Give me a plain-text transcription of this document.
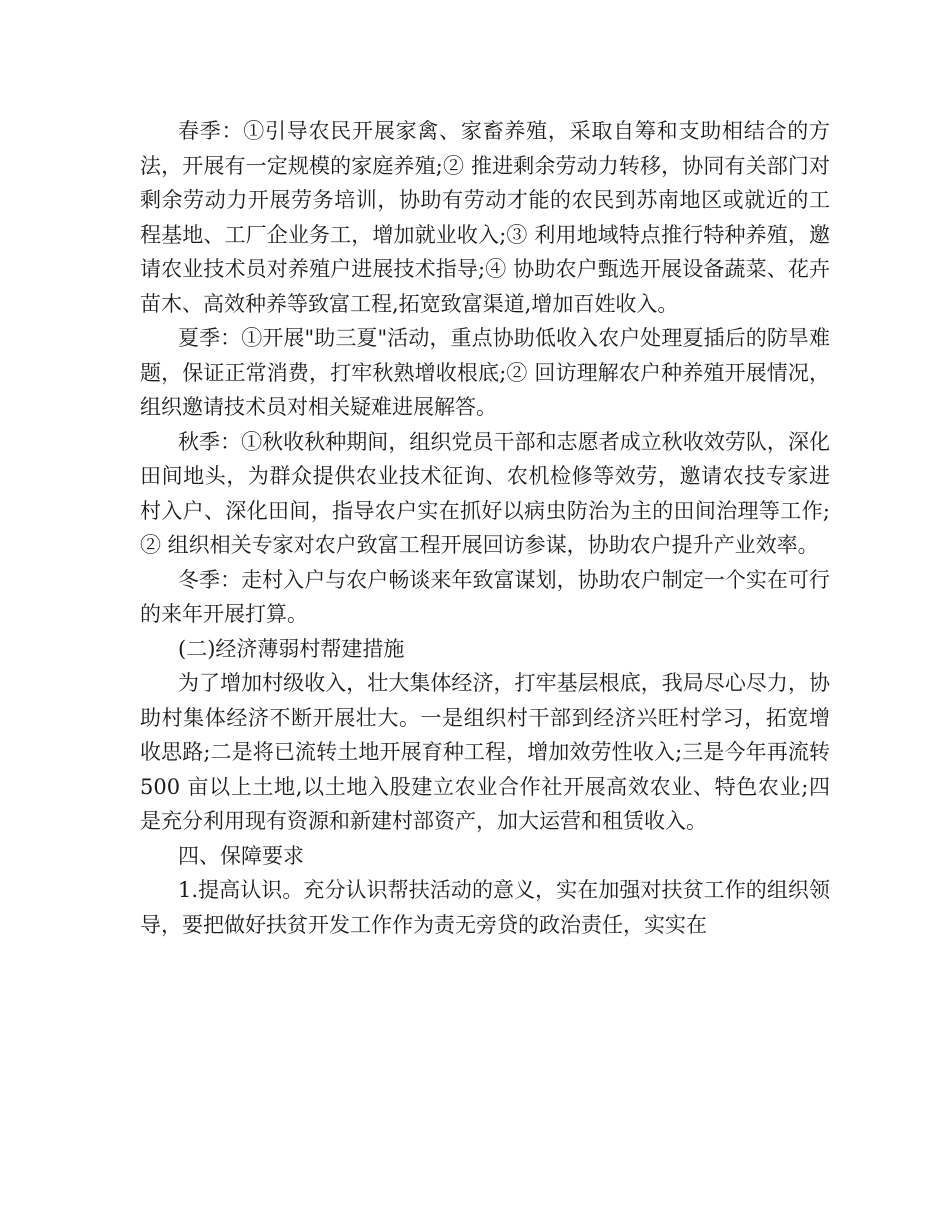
春季：①引导农民开展家禽、家畜养殖，采取自筹和支助相结合的方法，开展有一定规模的家庭养殖;② 推进剩余劳动力转移，协同有关部门对剩余劳动力开展劳务培训，协助有劳动才能的农民到苏南地区或就近的工程基地、工厂企业务工，增加就业收入;③ 利用地域特点推行特种养殖，邀请农业技术员对养殖户进展技术指导;④ 协助农户甄选开展设备蔬菜、花卉苗木、高效种养等致富工程,拓宽致富渠道,增加百姓收入。

夏季：①开展"助三夏"活动，重点协助低收入农户处理夏插后的防旱难题，保证正常消费，打牢秋熟增收根底;② 回访理解农户种养殖开展情况，组织邀请技术员对相关疑难进展解答。

秋季：①秋收秋种期间，组织党员干部和志愿者成立秋收效劳队，深化田间地头，为群众提供农业技术征询、农机检修等效劳，邀请农技专家进村入户、深化田间，指导农户实在抓好以病虫防治为主的田间治理等工作;② 组织相关专家对农户致富工程开展回访参谋，协助农户提升产业效率。

冬季：走村入户与农户畅谈来年致富谋划，协助农户制定一个实在可行的来年开展打算。

(二)经济薄弱村帮建措施

为了增加村级收入，壮大集体经济，打牢基层根底，我局尽心尽力，协助村集体经济不断开展壮大。一是组织村干部到经济兴旺村学习，拓宽增收思路;二是将已流转土地开展育种工程，增加效劳性收入;三是今年再流转 500 亩以上土地,以土地入股建立农业合作社开展高效农业、特色农业;四是充分利用现有资源和新建村部资产，加大运营和租赁收入。

四、保障要求

1.提高认识。充分认识帮扶活动的意义，实在加强对扶贫工作的组织领导，要把做好扶贫开发工作作为责无旁贷的政治责任，实实在
